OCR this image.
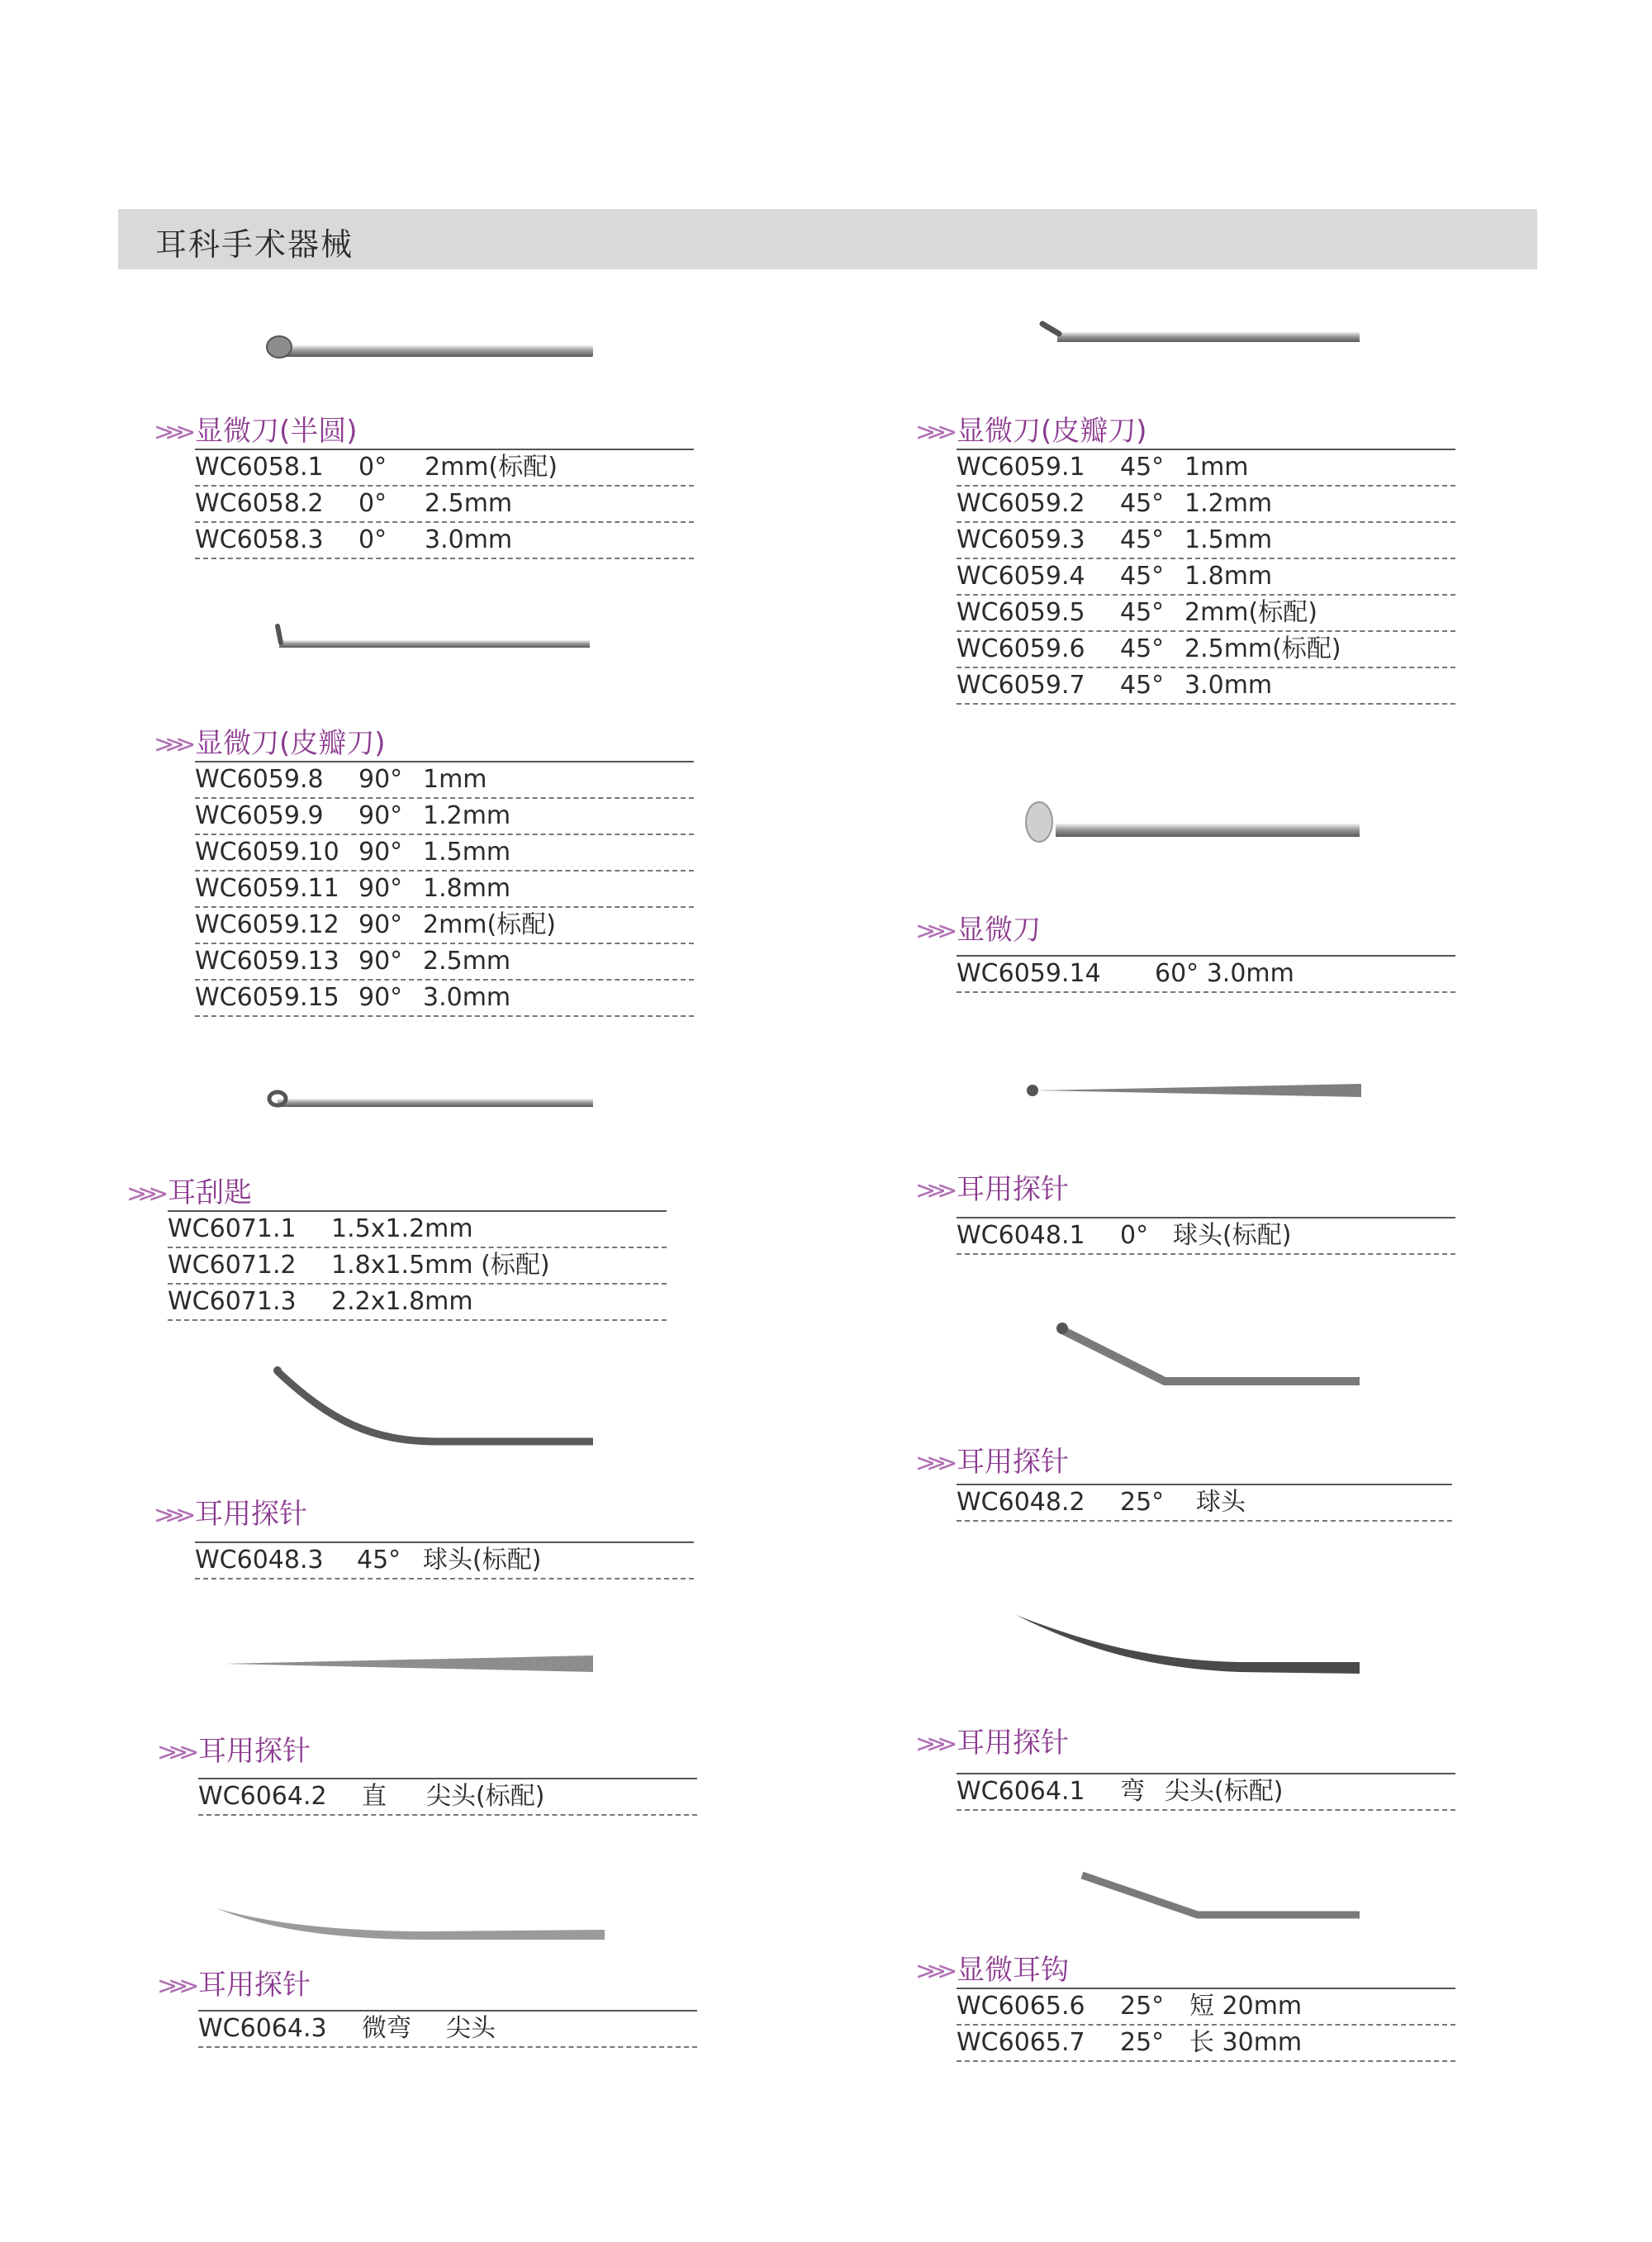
耳科手术器械
>>> 显微刀(半圆)
WC6058.1 0° 2mm(标配)
WC6058.2 0° 2.5mm
WC6058.3 0° 3.0mm
>>> 显微刀(皮瓣刀)
WC6059.8 90° 1mm
WC6059.9 90° 1.2mm
WC6059.10 90° 1.5mm
WC6059.11 90° 1.8mm
WC6059.12 90° 2mm(标配)
WC6059.13 90° 2.5mm
WC6059.15 90° 3.0mm
>>> 耳刮匙
WC6071.1 1.5x1.2mm
WC6071.2 1.8x1.5mm (标配)
WC6071.3 2.2x1.8mm
>>> 耳用探针
WC6048.3 45° 球头(标配)
>>> 耳用探针
WC6064.2 直 尖头(标配)
>>> 耳用探针
WC6064.3 微弯 尖头
>>> 显微刀(皮瓣刀)
WC6059.1 45° 1mm
WC6059.2 45° 1.2mm
WC6059.3 45° 1.5mm
WC6059.4 45° 1.8mm
WC6059.5 45° 2mm(标配)
WC6059.6 45° 2.5mm(标配)
WC6059.7 45° 3.0mm
>>> 显微刀
WC6059.14 60° 3.0mm
>>> 耳用探针
WC6048.1 0° 球头(标配)
>>> 耳用探针
WC6048.2 25° 球头
>>> 耳用探针
WC6064.1 弯 尖头(标配)
>>> 显微耳钩
WC6065.6 25° 短 20mm
WC6065.7 25° 长 30mm
